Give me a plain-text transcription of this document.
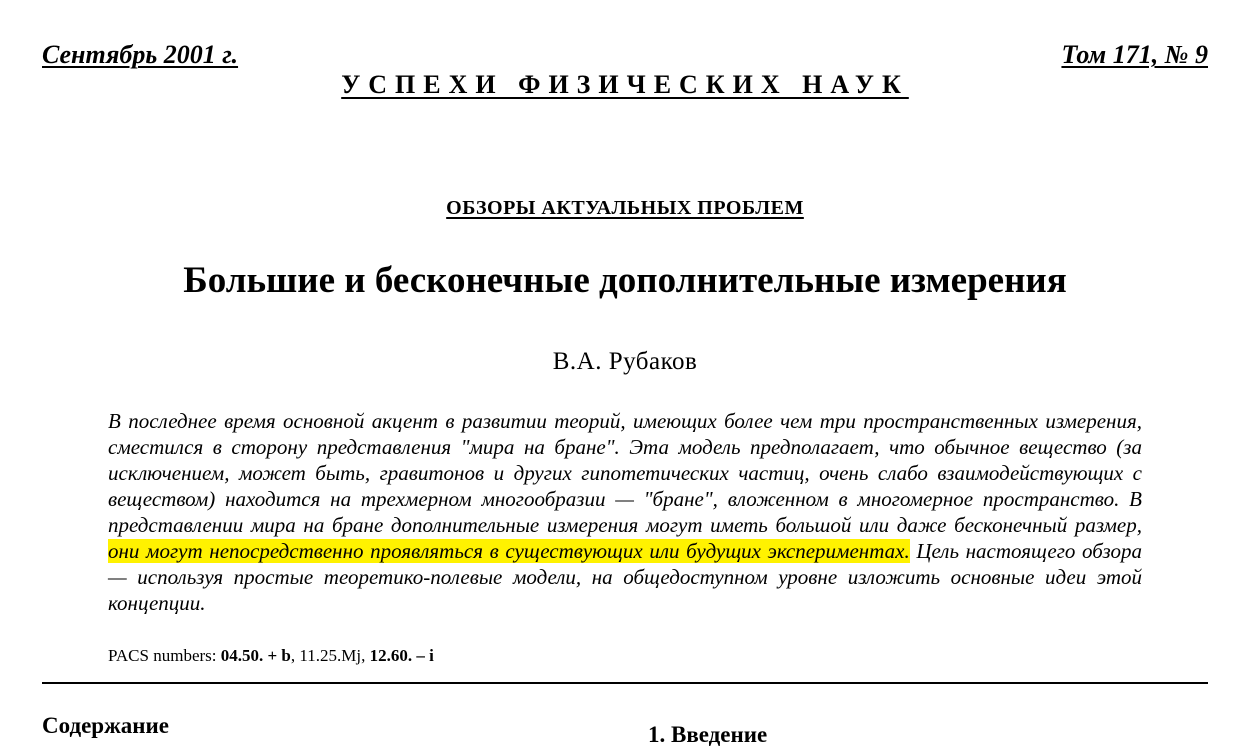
Сентябрь 2001 г.	Том 171, № 9
УСПЕХИ ФИЗИЧЕСКИХ НАУК
ОБЗОРЫ АКТУАЛЬНЫХ ПРОБЛЕМ
Большие и бесконечные дополнительные измерения
В.А. Рубаков

В последнее время основной акцент в развитии теорий, имеющих более чем три пространственных измерения, сместился в сторону представления "мира на бране". Эта модель предполагает, что обычное вещество (за исключением, может быть, гравитонов и других гипотетических частиц, очень слабо взаимодействующих с веществом) находится на трехмерном многообразии — "бране", вложенном в многомерное пространство. В представлении мира на бране дополнительные измерения могут иметь большой или даже бесконечный размер, они могут непосредственно проявляться в существующих или будущих экспериментах. Цель настоящего обзора — используя простые теоретико-полевые модели, на общедоступном уровне изложить основные идеи этой концепции.

PACS numbers: 04.50. + b, 11.25.Mj, 12.60. – i
Содержание	1. Введение
